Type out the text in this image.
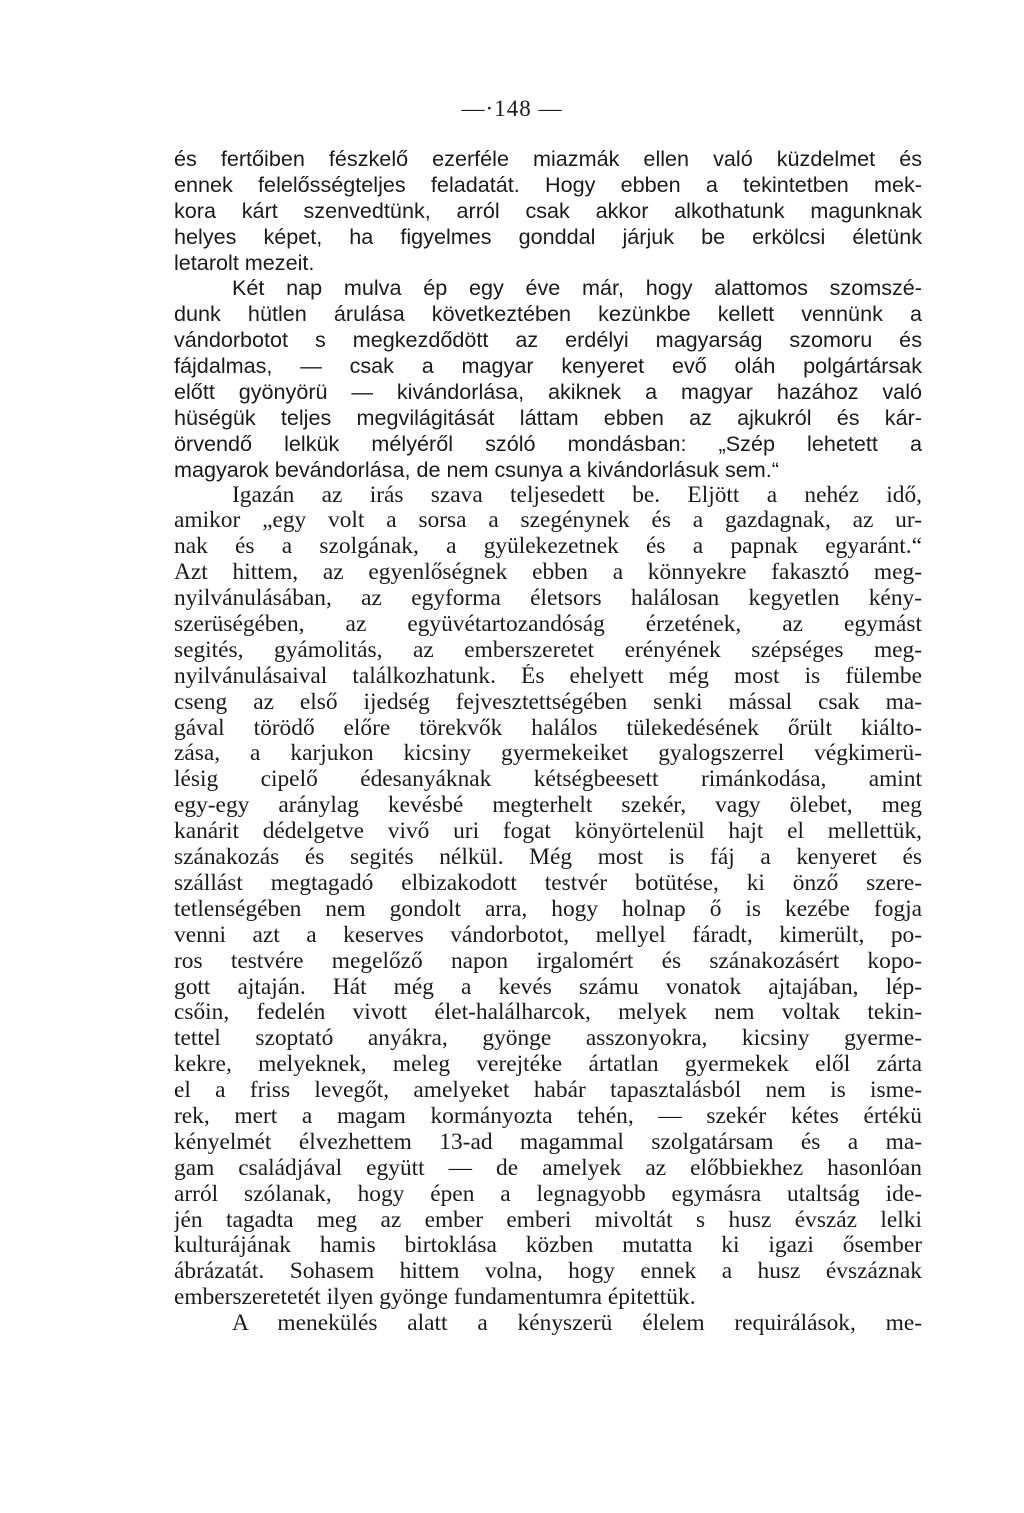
—·148 —
és fertőiben fészkelő ezerféle miazmák ellen való küzdelmet és
ennek felelősségteljes feladatát. Hogy ebben a tekintetben mek-
kora kárt szenvedtünk, arról csak akkor alkothatunk magunknak
helyes képet, ha figyelmes gonddal járjuk be erkölcsi életünk
letarolt mezeit.
Két nap mulva ép egy éve már, hogy alattomos szomszé-
dunk hütlen árulása következtében kezünkbe kellett vennünk a
vándorbotot s megkezdődött az erdélyi magyarság szomoru és
fájdalmas, — csak a magyar kenyeret evő oláh polgártársak
előtt gyönyörü — kivándorlása, akiknek a magyar hazához való
hüségük teljes megvilágitását láttam ebben az ajkukról és kár-
örvendő lelkük mélyéről szóló mondásban: „Szép lehetett a
magyarok bevándorlása, de nem csunya a kivándorlásuk sem.“
Igazán az irás szava teljesedett be. Eljött a nehéz idő,
amikor „egy volt a sorsa a szegénynek és a gazdagnak, az ur-
nak és a szolgának, a gyülekezetnek és a papnak egyaránt.“
Azt hittem, az egyenlőségnek ebben a könnyekre fakasztó meg-
nyilvánulásában, az egyforma életsors halálosan kegyetlen kény-
szerüségében, az együvétartozandóság érzetének, az egymást
segités, gyámolitás, az emberszeretet erényének szépséges meg-
nyilvánulásaival találkozhatunk. És ehelyett még most is fülembe
cseng az első ijedség fejvesztettségében senki mással csak ma-
gával törödő előre törekvők halálos tülekedésének őrült kiálto-
zása, a karjukon kicsiny gyermekeiket gyalogszerrel végkimerü-
lésig cipelő édesanyáknak kétségbeesett rimánkodása, amint
egy-egy aránylag kevésbé megterhelt szekér, vagy ölebet, meg
kanárit dédelgetve vivő uri fogat könyörtelenül hajt el mellettük,
szánakozás és segités nélkül. Még most is fáj a kenyeret és
szállást megtagadó elbizakodott testvér botütése, ki önző szere-
tetlenségében nem gondolt arra, hogy holnap ő is kezébe fogja
venni azt a keserves vándorbotot, mellyel fáradt, kimerült, po-
ros testvére megelőző napon irgalomért és szánakozásért kopo-
gott ajtaján. Hát még a kevés számu vonatok ajtajában, lép-
csőin, fedelén vivott élet-halálharcok, melyek nem voltak tekin-
tettel szoptató anyákra, gyönge asszonyokra, kicsiny gyerme-
kekre, melyeknek, meleg verejtéke ártatlan gyermekek elől zárta
el a friss levegőt, amelyeket habár tapasztalásból nem is isme-
rek, mert a magam kormányozta tehén, — szekér kétes értékü
kényelmét élvezhettem 13-ad magammal szolgatársam és a ma-
gam családjával együtt — de amelyek az előbbiekhez hasonlóan
arról szólanak, hogy épen a legnagyobb egymásra utaltság ide-
jén tagadta meg az ember emberi mivoltát s husz évszáz lelki
kulturájának hamis birtoklása közben mutatta ki igazi ősember
ábrázatát. Sohasem hittem volna, hogy ennek a husz évszáznak
emberszeretetét ilyen gyönge fundamentumra épitettük.
A menekülés alatt a kényszerü élelem requirálások, me-
